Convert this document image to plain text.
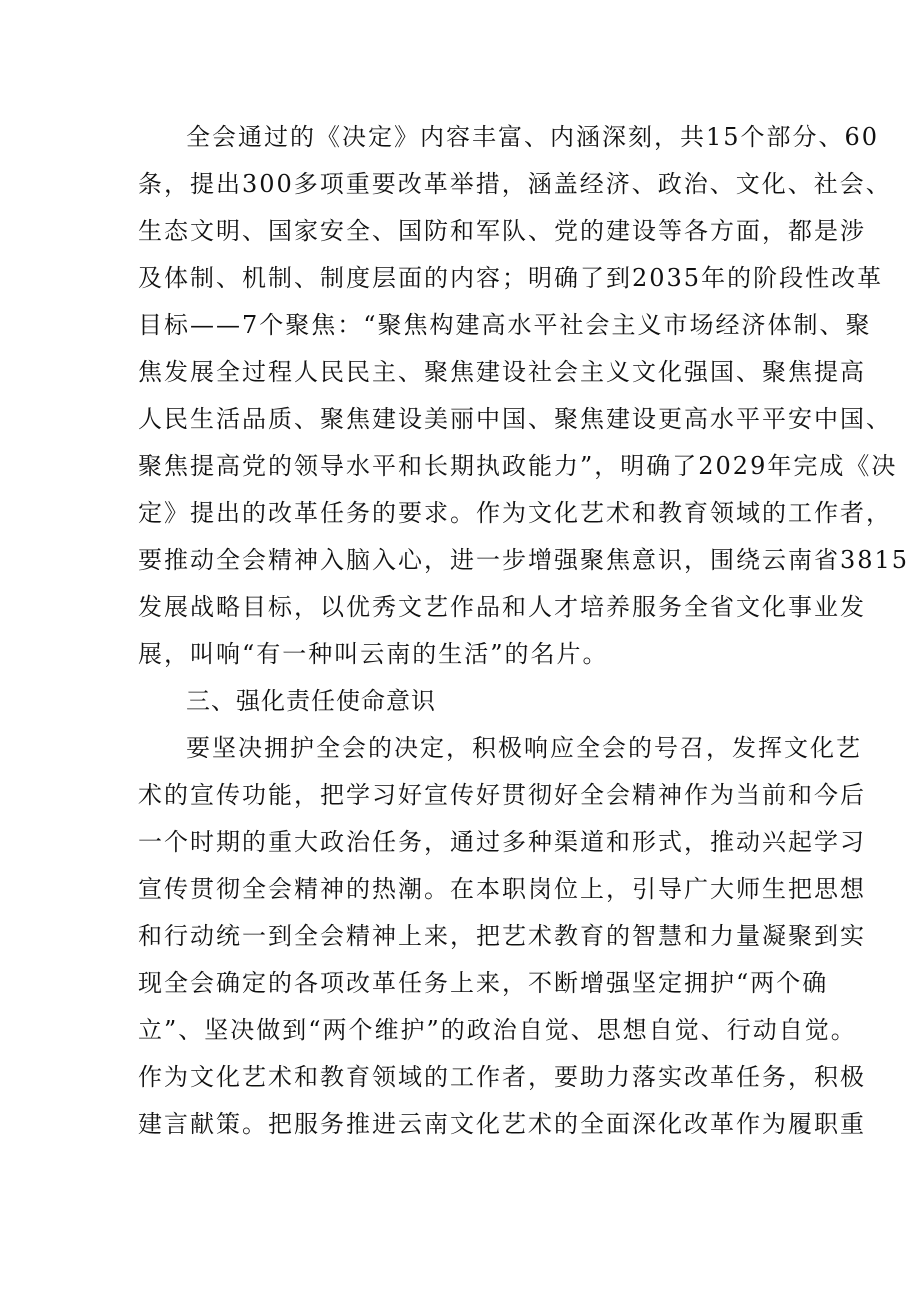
全会通过的《决定》内容丰富、内涵深刻，共15个部分、60
条，提出300多项重要改革举措，涵盖经济、政治、文化、社会、
生态文明、国家安全、国防和军队、党的建设等各方面，都是涉
及体制、机制、制度层面的内容；明确了到2035年的阶段性改革
目标——7个聚焦：“聚焦构建高水平社会主义市场经济体制、聚
焦发展全过程人民民主、聚焦建设社会主义文化强国、聚焦提高
人民生活品质、聚焦建设美丽中国、聚焦建设更高水平平安中国、
聚焦提高党的领导水平和长期执政能力”，明确了2029年完成《决
定》提出的改革任务的要求。作为文化艺术和教育领域的工作者，
要推动全会精神入脑入心，进一步增强聚焦意识，围绕云南省3815
发展战略目标，以优秀文艺作品和人才培养服务全省文化事业发
展，叫响“有一种叫云南的生活”的名片。
三、强化责任使命意识
要坚决拥护全会的决定，积极响应全会的号召，发挥文化艺
术的宣传功能，把学习好宣传好贯彻好全会精神作为当前和今后
一个时期的重大政治任务，通过多种渠道和形式，推动兴起学习
宣传贯彻全会精神的热潮。在本职岗位上，引导广大师生把思想
和行动统一到全会精神上来，把艺术教育的智慧和力量凝聚到实
现全会确定的各项改革任务上来，不断增强坚定拥护“两个确
立”、坚决做到“两个维护”的政治自觉、思想自觉、行动自觉。
作为文化艺术和教育领域的工作者，要助力落实改革任务，积极
建言献策。把服务推进云南文化艺术的全面深化改革作为履职重
